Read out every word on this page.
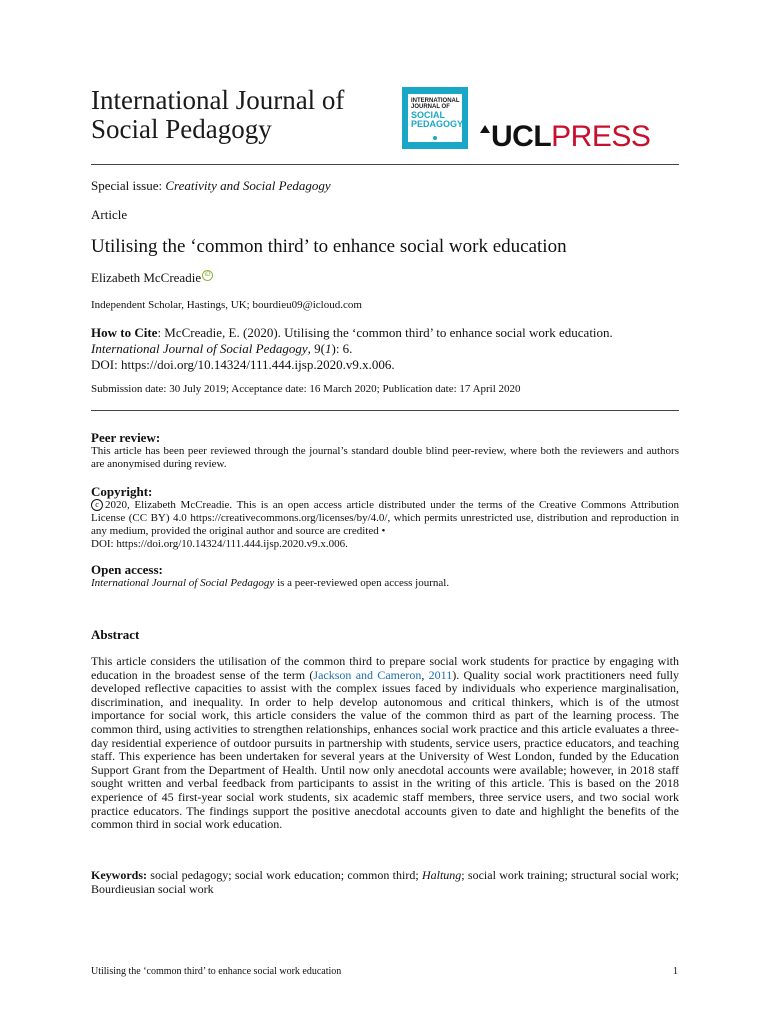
International Journal of
Social Pedagogy
INTERNATIONAL JOURNAL OF
SOCIAL PEDAGOGY UCLPRESS
Special issue: Creativity and Social Pedagogy
Article
Utilising the ‘common third’ to enhance social work education
Elizabeth McCreadie iD
Independent Scholar, Hastings, UK; bourdieu09@icloud.com
How to Cite: McCreadie, E. (2020). Utilising the ‘common third’ to enhance social work education.
International Journal of Social Pedagogy, 9(1): 6.
DOI: https://doi.org/10.14324/111.444.ijsp.2020.v9.x.006.
Submission date: 30 July 2019; Acceptance date: 16 March 2020; Publication date: 17 April 2020
Peer review:
This article has been peer reviewed through the journal’s standard double blind peer-review, where both the reviewers and authors are anonymised during review.
Copyright:
c 2020, Elizabeth McCreadie. This is an open access article distributed under the terms of the Creative Commons Attribution License (CC BY) 4.0 https://creativecommons.org/licenses/by/4.0/, which permits unrestricted use, distribution and reproduction in any medium, provided the original author and source are credited •
DOI: https://doi.org/10.14324/111.444.ijsp.2020.v9.x.006.
Open access:
International Journal of Social Pedagogy is a peer-reviewed open access journal.
Abstract
This article considers the utilisation of the common third to prepare social work students for practice by engaging with education in the broadest sense of the term (Jackson and Cameron, 2011). Quality social work practitioners need fully developed reflective capacities to assist with the complex issues faced by individuals who experience marginalisation, discrimination, and inequality. In order to help develop autonomous and critical thinkers, which is of the utmost importance for social work, this article considers the value of the common third as part of the learning process. The common third, using activities to strengthen relationships, enhances social work practice and this article evaluates a three-day residential experience of outdoor pursuits in partnership with students, service users, practice educators, and teaching staff. This experience has been undertaken for several years at the University of West London, funded by the Education Support Grant from the Department of Health. Until now only anecdotal accounts were available; however, in 2018 staff sought written and verbal feedback from participants to assist in the writing of this article. This is based on the 2018 experience of 45 first-year social work students, six academic staff members, three service users, and two social work practice educators. The findings support the positive anecdotal accounts given to date and highlight the benefits of the common third in social work education.
Keywords: social pedagogy; social work education; common third; Haltung; social work training; structural social work; Bourdieusian social work
Utilising the ‘common third’ to enhance social work education	1
